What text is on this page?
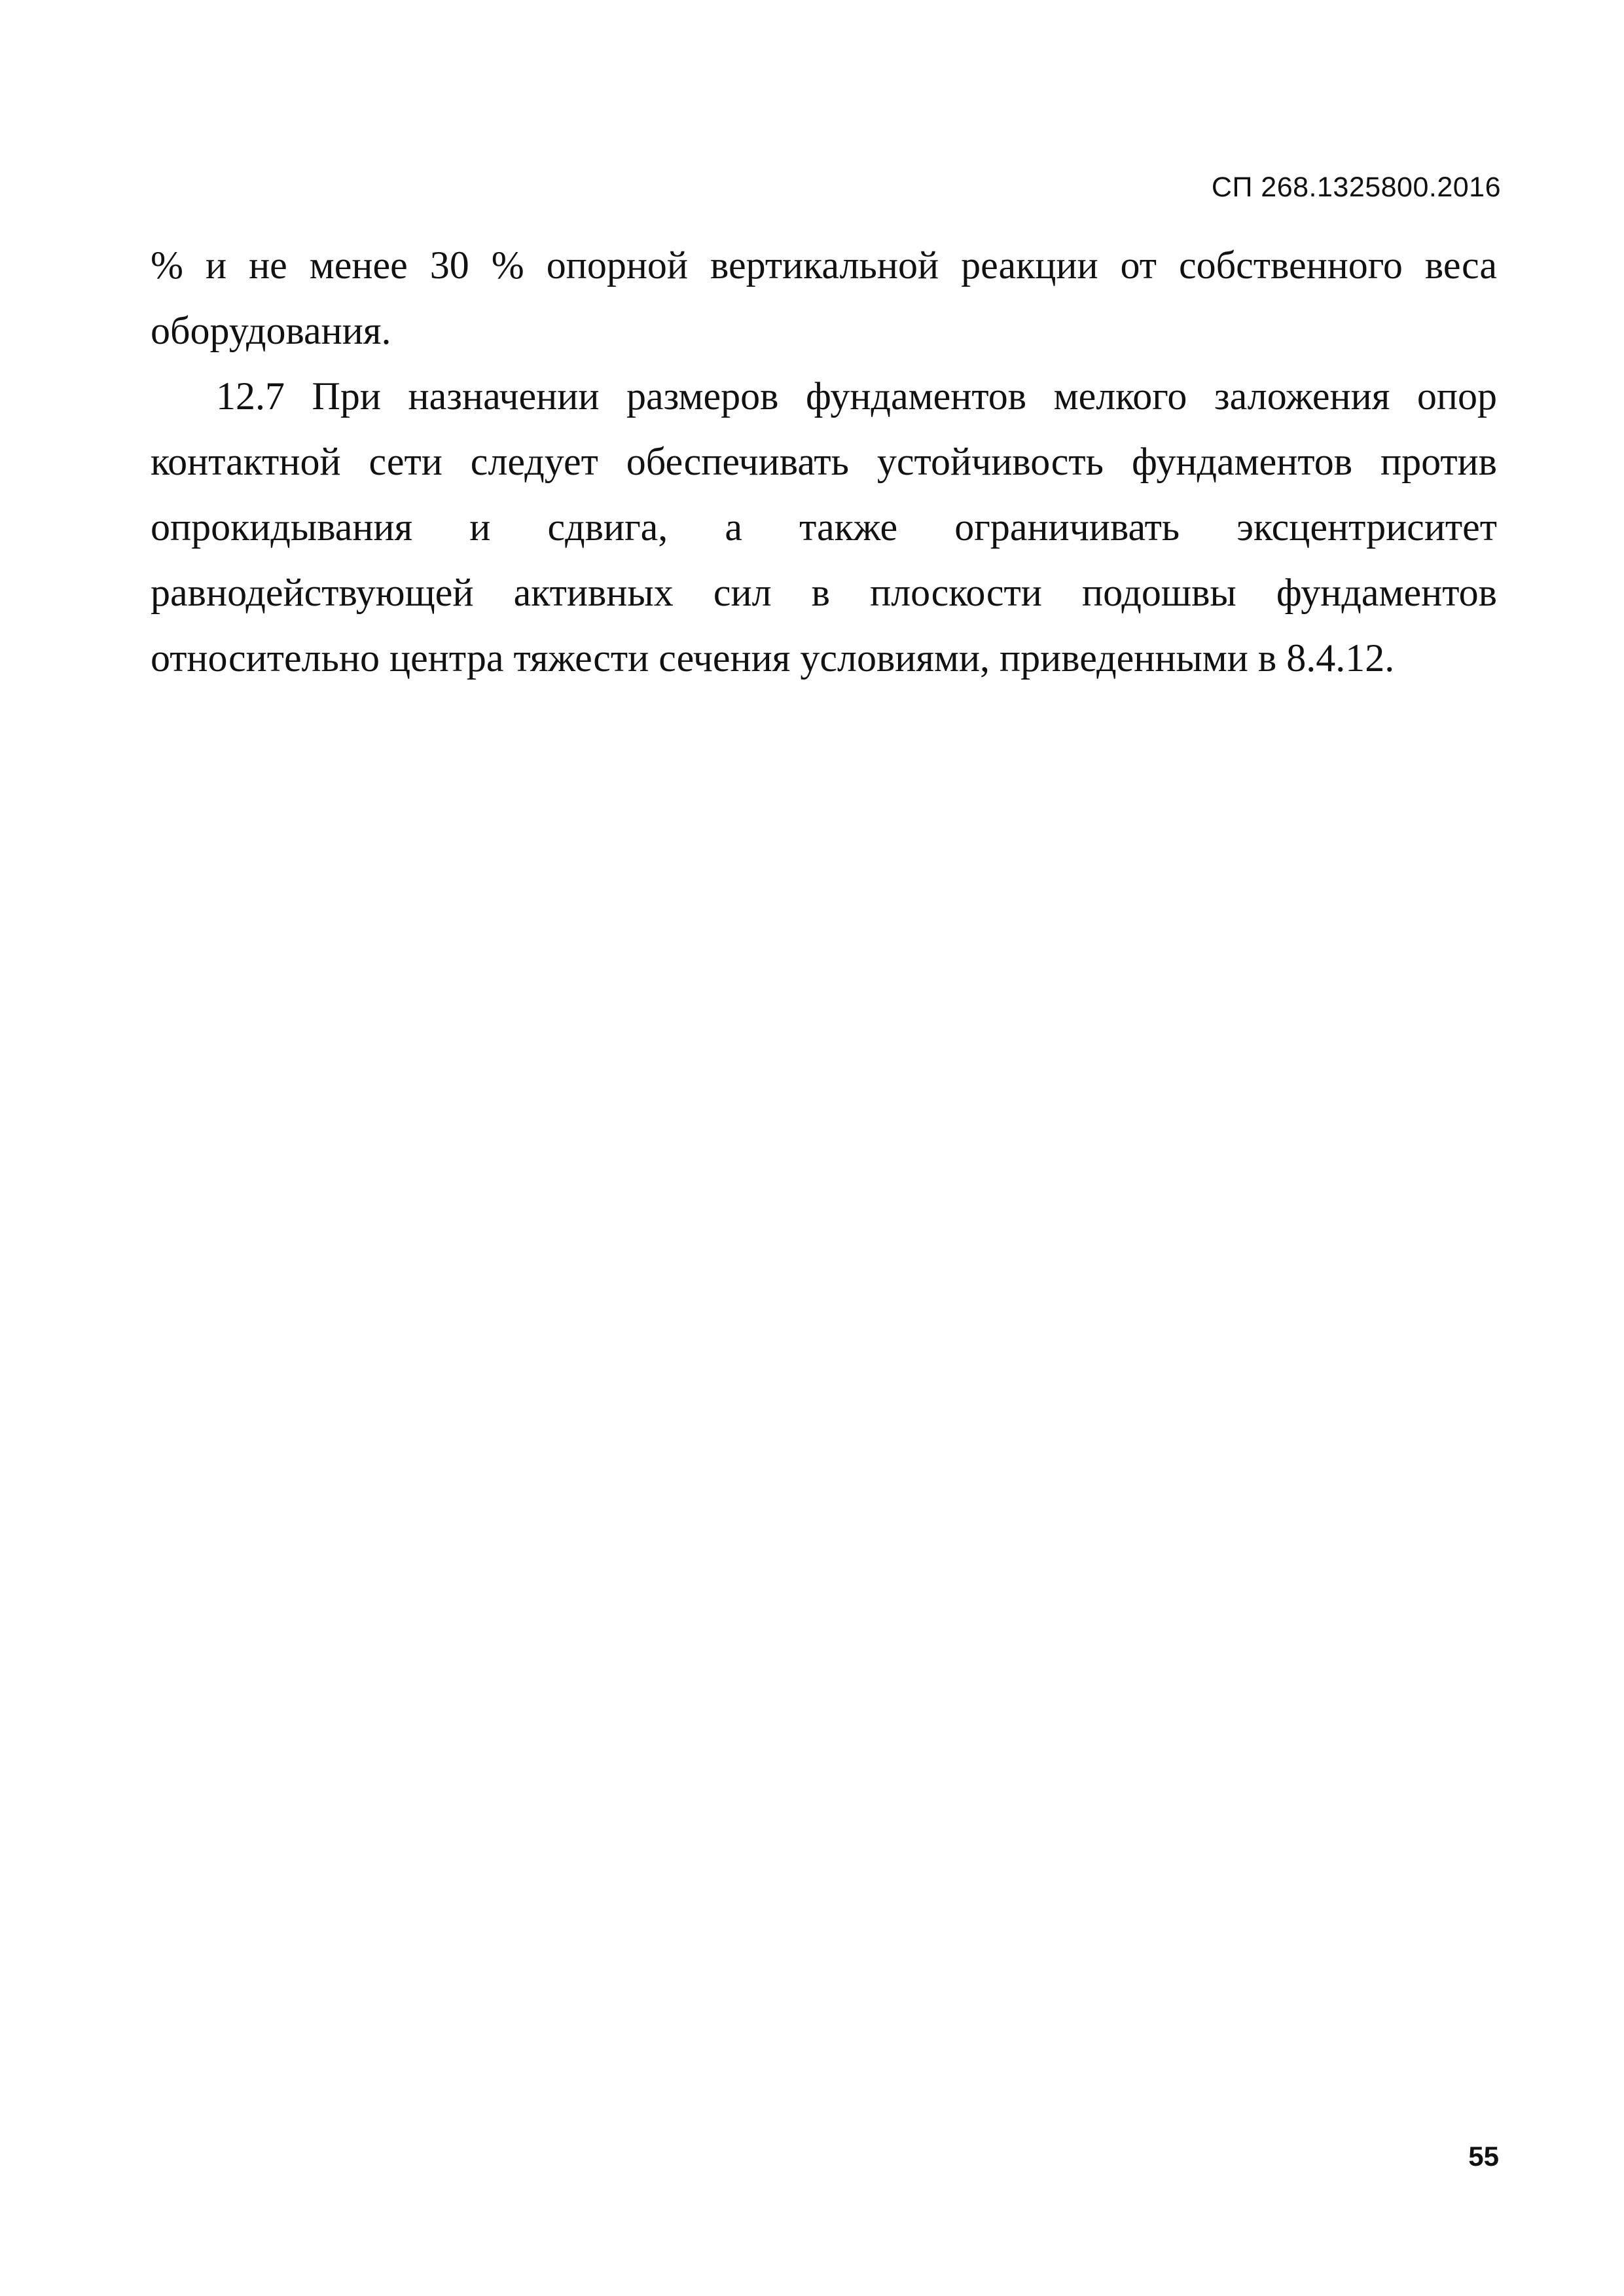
СП 268.1325800.2016

% и не менее 30 % опорной вертикальной реакции от собственного веса оборудования.

12.7 При назначении размеров фундаментов мелкого заложения опор контактной сети следует обеспечивать устойчивость фундаментов против опрокидывания и сдвига, а также ограничивать эксцентриситет равнодействующей активных сил в плоскости подошвы фундаментов относительно центра тяжести сечения условиями, приведенными в 8.4.12.

55
